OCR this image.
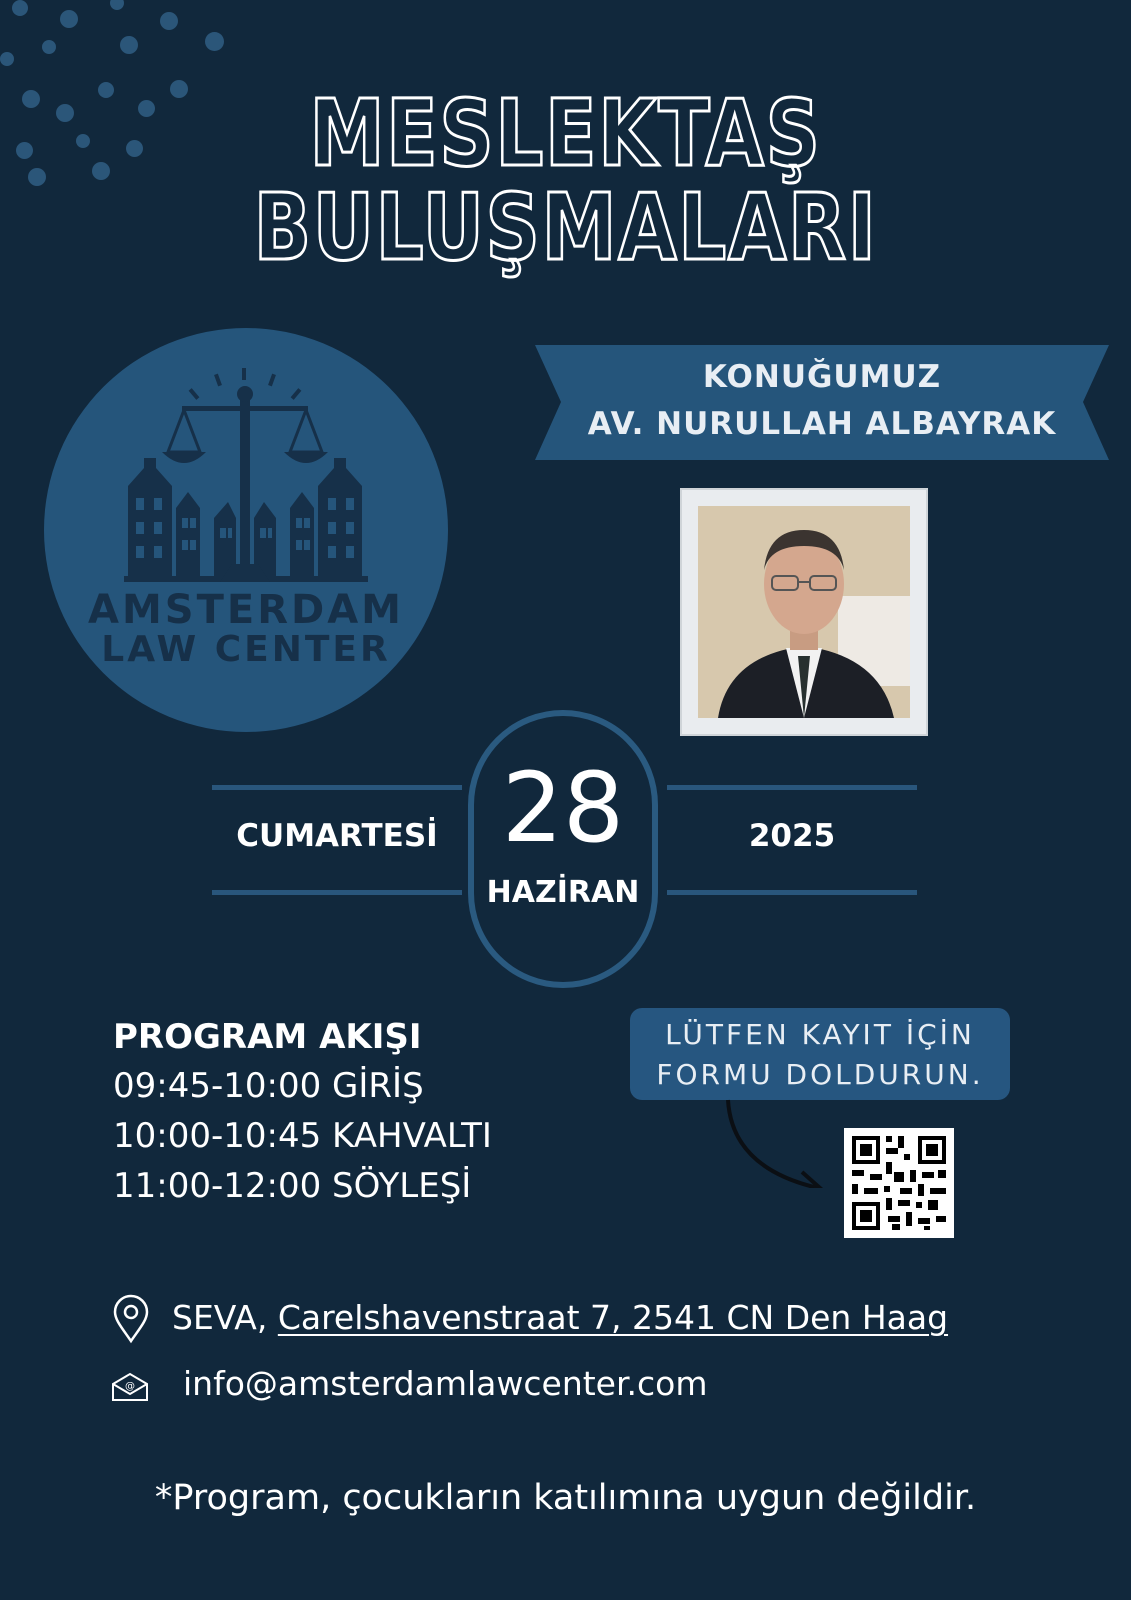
MESLEKTAŞ
BULUŞMALARI
AMSTERDAM
LAW CENTER
KONUĞUMUZ
AV. NURULLAH ALBAYRAK
28
HAZİRAN
CUMARTESİ	2025
PROGRAM AKIŞI
09:45-10:00 GİRİŞ
10:00-10:45 KAHVALTI
11:00-12:00 SÖYLEŞİ
LÜTFEN KAYIT İÇİN
FORMU DOLDURUN.
SEVA, Carelshavenstraat 7, 2541 CN Den Haag
@ info@amsterdamlawcenter.com
*Program, çocukların katılımına uygun değildir.
